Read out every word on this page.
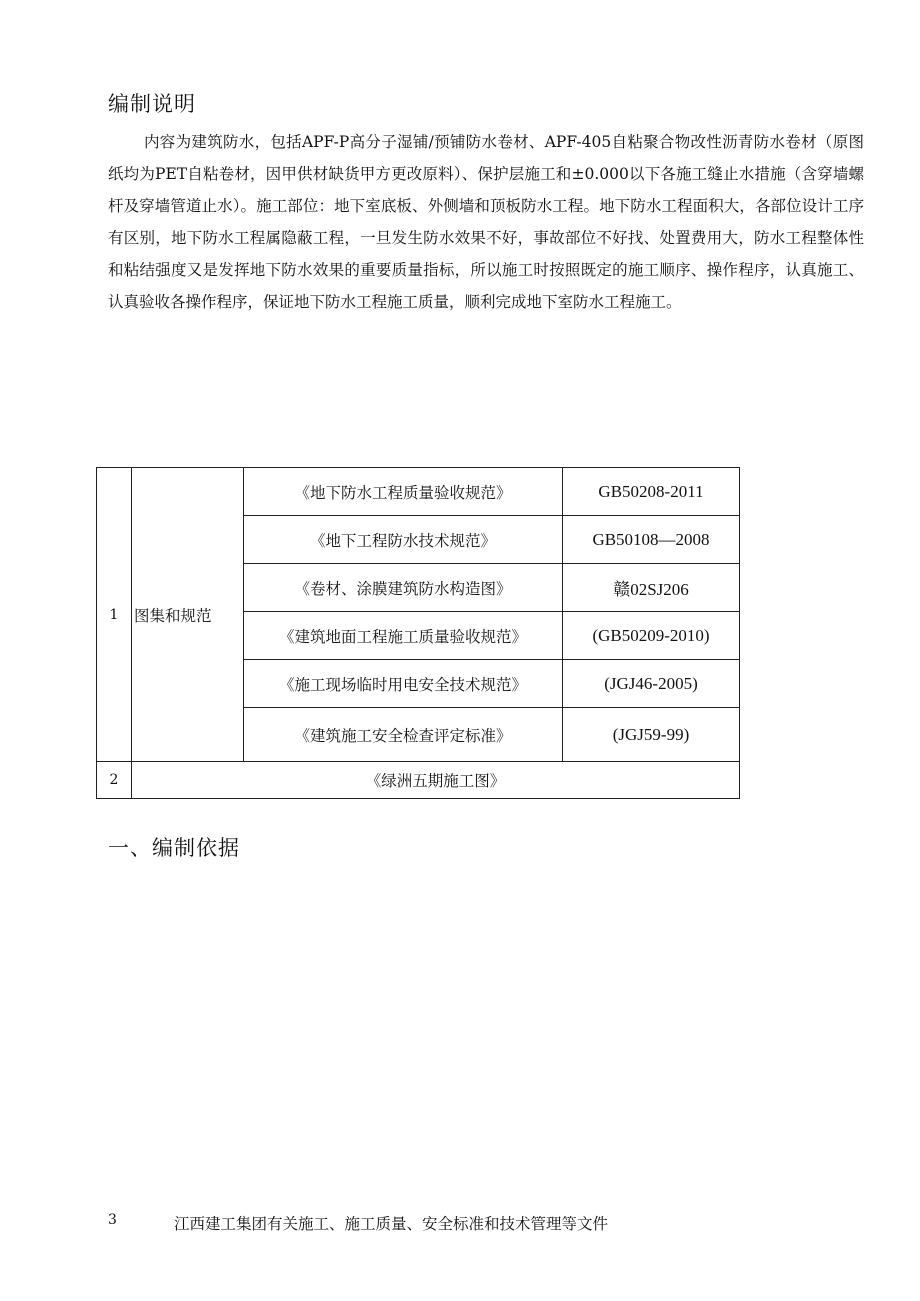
编制说明

内容为建筑防水，包括APF-P高分子湿铺/预铺防水卷材、APF-405自粘聚合物改性沥青防水卷材（原图纸均为PET自粘卷材，因甲供材缺货甲方更改原料）、保护层施工和±0.000以下各施工缝止水措施（含穿墙螺杆及穿墙管道止水）。施工部位：地下室底板、外侧墙和顶板防水工程。地下防水工程面积大，各部位设计工序有区别，地下防水工程属隐蔽工程，一旦发生防水效果不好，事故部位不好找、处置费用大，防水工程整体性和粘结强度又是发挥地下防水效果的重要质量指标，所以施工时按照既定的施工顺序、操作程序，认真施工、认真验收各操作程序，保证地下防水工程施工质量，顺利完成地下室防水工程施工。

1	图集和规范	《地下防水工程质量验收规范》	GB50208-2011
		《地下工程防水技术规范》	GB50108—2008
		《卷材、涂膜建筑防水构造图》	赣02SJ206
		《建筑地面工程施工质量验收规范》	(GB50209-2010)
		《施工现场临时用电安全技术规范》	(JGJ46-2005)
		《建筑施工安全检查评定标准》	(JGJ59-99)
2	《绿洲五期施工图》		
一、编制依据
3	江西建工集团有关施工、施工质量、安全标准和技术管理等文件
